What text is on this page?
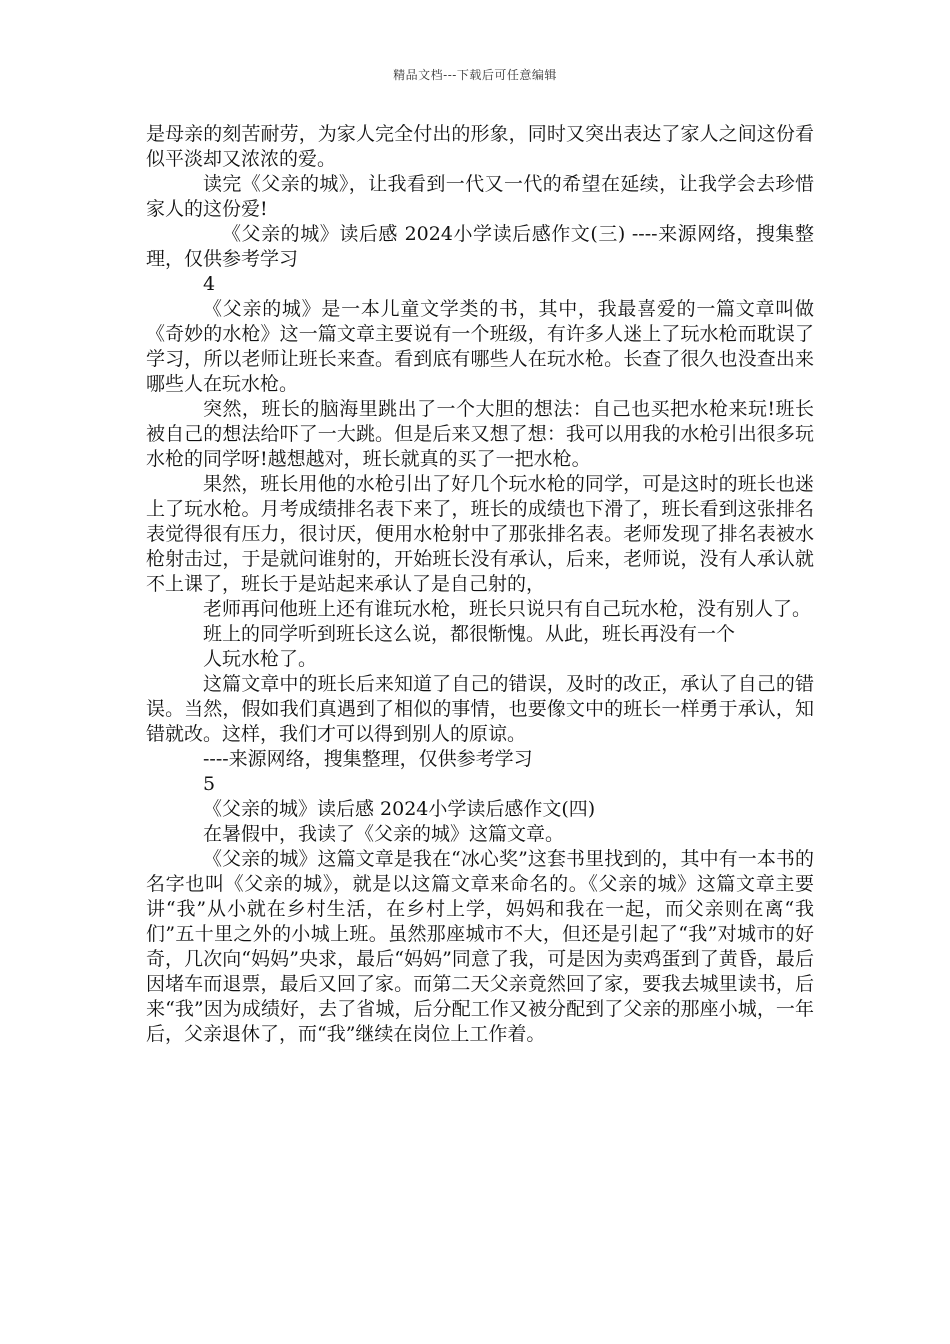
精品文档---下载后可任意编辑

是母亲的刻苦耐劳，为家人完全付出的形象，同时又突出表达了家人之间这份看似平淡却又浓浓的爱。

读完《父亲的城》，让我看到一代又一代的希望在延续，让我学会去珍惜家人的这份爱!

《父亲的城》读后感 2024小学读后感作文(三) ----来源网络，搜集整理，仅供参考学习

4

《父亲的城》是一本儿童文学类的书，其中，我最喜爱的一篇文章叫做《奇妙的水枪》这一篇文章主要说有一个班级，有许多人迷上了玩水枪而耽误了学习，所以老师让班长来查。看到底有哪些人在玩水枪。长查了很久也没查出来哪些人在玩水枪。

突然，班长的脑海里跳出了一个大胆的想法：自己也买把水枪来玩!班长被自己的想法给吓了一大跳。但是后来又想了想：我可以用我的水枪引出很多玩水枪的同学呀!越想越对，班长就真的买了一把水枪。

果然，班长用他的水枪引出了好几个玩水枪的同学，可是这时的班长也迷上了玩水枪。月考成绩排名表下来了，班长的成绩也下滑了，班长看到这张排名表觉得很有压力，很讨厌，便用水枪射中了那张排名表。老师发现了排名表被水枪射击过，于是就问谁射的，开始班长没有承认，后来，老师说，没有人承认就不上课了，班长于是站起来承认了是自己射的，

老师再问他班上还有谁玩水枪，班长只说只有自己玩水枪，没有别人了。

班上的同学听到班长这么说，都很惭愧。从此，班长再没有一个

人玩水枪了。

这篇文章中的班长后来知道了自己的错误，及时的改正，承认了自己的错误。当然，假如我们真遇到了相似的事情，也要像文中的班长一样勇于承认，知错就改。这样，我们才可以得到别人的原谅。

----来源网络，搜集整理，仅供参考学习

5

《父亲的城》读后感 2024小学读后感作文(四)

在暑假中，我读了《父亲的城》这篇文章。

《父亲的城》这篇文章是我在“冰心奖”这套书里找到的，其中有一本书的名字也叫《父亲的城》，就是以这篇文章来命名的。《父亲的城》这篇文章主要讲“我”从小就在乡村生活，在乡村上学，妈妈和我在一起，而父亲则在离“我们”五十里之外的小城上班。虽然那座城市不大，但还是引起了“我”对城市的好奇，几次向“妈妈”央求，最后“妈妈”同意了我，可是因为卖鸡蛋到了黄昏，最后因堵车而退票，最后又回了家。而第二天父亲竟然回了家，要我去城里读书，后来“我”因为成绩好，去了省城，后分配工作又被分配到了父亲的那座小城，一年后，父亲退休了，而“我”继续在岗位上工作着。
